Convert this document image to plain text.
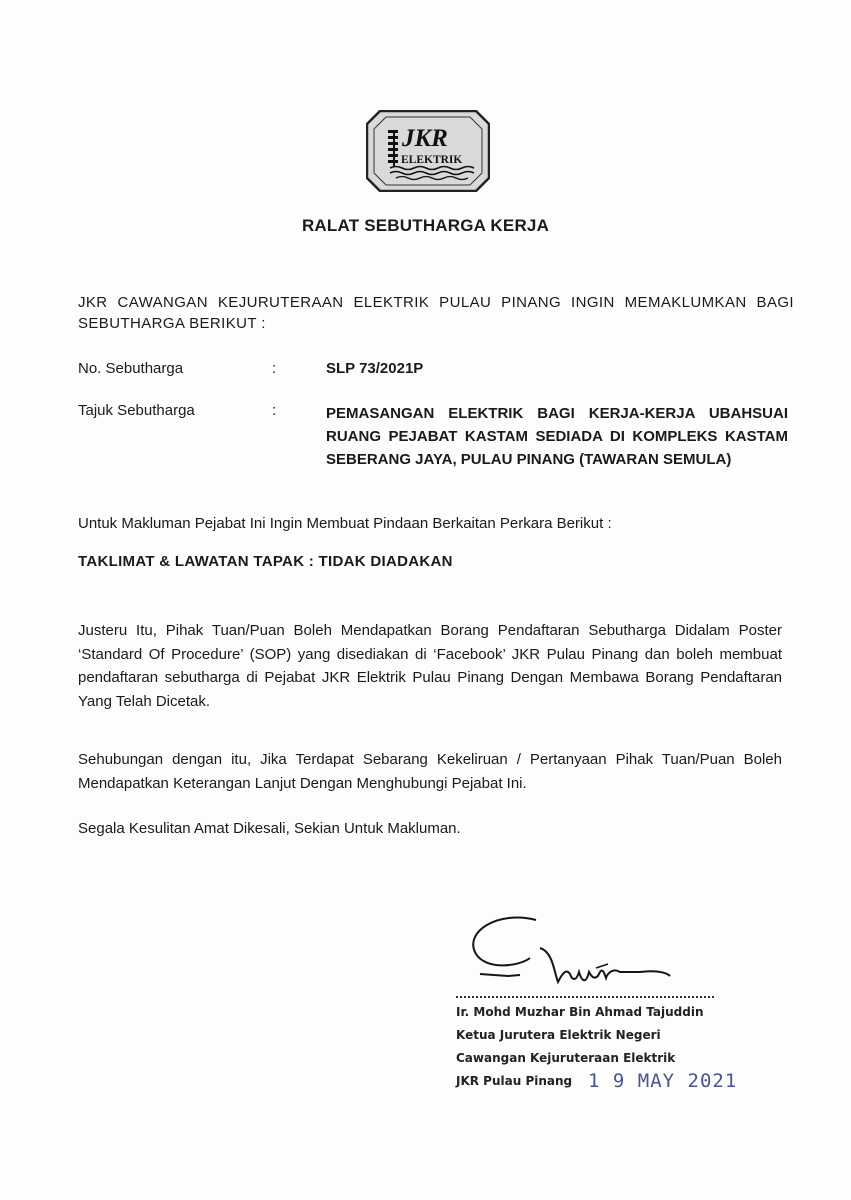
JKR
ELEKTRIK
RALAT SEBUTHARGA KERJA
JKR CAWANGAN KEJURUTERAAN ELEKTRIK PULAU PINANG INGIN MEMAKLUMKAN BAGI SEBUTHARGA BERIKUT :
No. Sebutharga	:	SLP 73/2021P
Tajuk Sebutharga	:	PEMASANGAN ELEKTRIK BAGI KERJA-KERJA UBAHSUAI RUANG PEJABAT KASTAM SEDIADA DI KOMPLEKS KASTAM SEBERANG JAYA, PULAU PINANG (TAWARAN SEMULA)
Untuk Makluman Pejabat Ini Ingin Membuat Pindaan Berkaitan Perkara Berikut :
TAKLIMAT & LAWATAN TAPAK : TIDAK DIADAKAN
Justeru Itu, Pihak Tuan/Puan Boleh Mendapatkan Borang Pendaftaran Sebutharga Didalam Poster ‘Standard Of Procedure’ (SOP) yang disediakan di ‘Facebook’ JKR Pulau Pinang dan boleh membuat pendaftaran sebutharga di Pejabat JKR Elektrik Pulau Pinang Dengan Membawa Borang Pendaftaran Yang Telah Dicetak.
Sehubungan dengan itu, Jika Terdapat Sebarang Kekeliruan / Pertanyaan Pihak Tuan/Puan Boleh Mendapatkan Keterangan Lanjut Dengan Menghubungi Pejabat Ini.
Segala Kesulitan Amat Dikesali, Sekian Untuk Makluman.
Ir. Mohd Muzhar Bin Ahmad Tajuddin
Ketua Jurutera Elektrik Negeri
Cawangan Kejuruteraan Elektrik
JKR Pulau Pinang 1 9 MAY 2021
